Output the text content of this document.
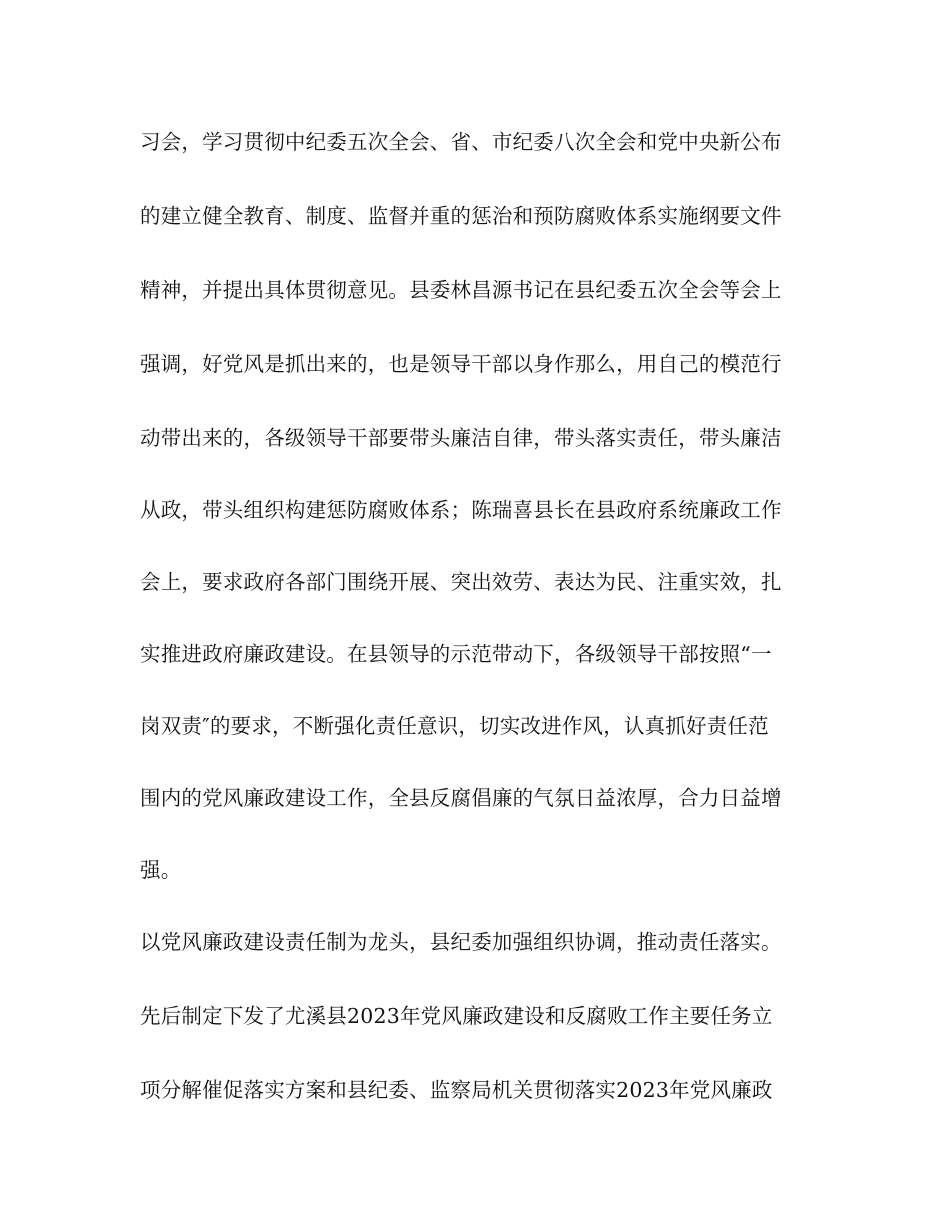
习会，学习贯彻中纪委五次全会、省、市纪委八次全会和党中央新公布
的建立健全教育、制度、监督并重的惩治和预防腐败体系实施纲要文件
精神，并提出具体贯彻意见。县委林昌源书记在县纪委五次全会等会上
强调，好党风是抓出来的，也是领导干部以身作那么，用自己的模范行
动带出来的，各级领导干部要带头廉洁自律，带头落实责任，带头廉洁
从政，带头组织构建惩防腐败体系；陈瑞喜县长在县政府系统廉政工作
会上，要求政府各部门围绕开展、突出效劳、表达为民、注重实效，扎
实推进政府廉政建设。在县领导的示范带动下，各级领导干部按照“一
岗双责″的要求，不断强化责任意识，切实改进作风，认真抓好责任范
围内的党风廉政建设工作，全县反腐倡廉的气氛日益浓厚，合力日益增
强。
以党风廉政建设责任制为龙头，县纪委加强组织协调，推动责任落实。
先后制定下发了尤溪县2023年党风廉政建设和反腐败工作主要任务立
项分解催促落实方案和县纪委、监察局机关贯彻落实2023年党风廉政
